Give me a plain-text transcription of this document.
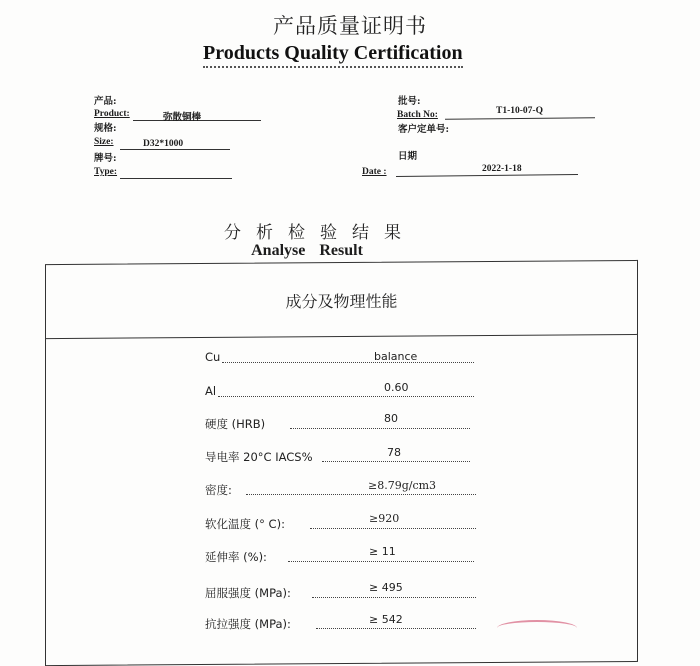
产品质量证明书
Products Quality Certification
产品:
Product:	弥散铜棒
规格:
Size:	D32*1000
牌号:
Type:
批号:
Batch No:	T1-10-07-Q
客户定单号:
日期
Date :	2022-1-18
分析检验结果
Analyse Result
成分及物理性能
Cu	balance
Al	0.60
硬度 (HRB)	80
导电率 20°C IACS%	78
密度:	≥8.79g/cm3
软化温度 (° C):	≥920
延伸率 (%):	≥ 11
屈服强度 (MPa):	≥ 495
抗拉强度 (MPa):	≥ 542
